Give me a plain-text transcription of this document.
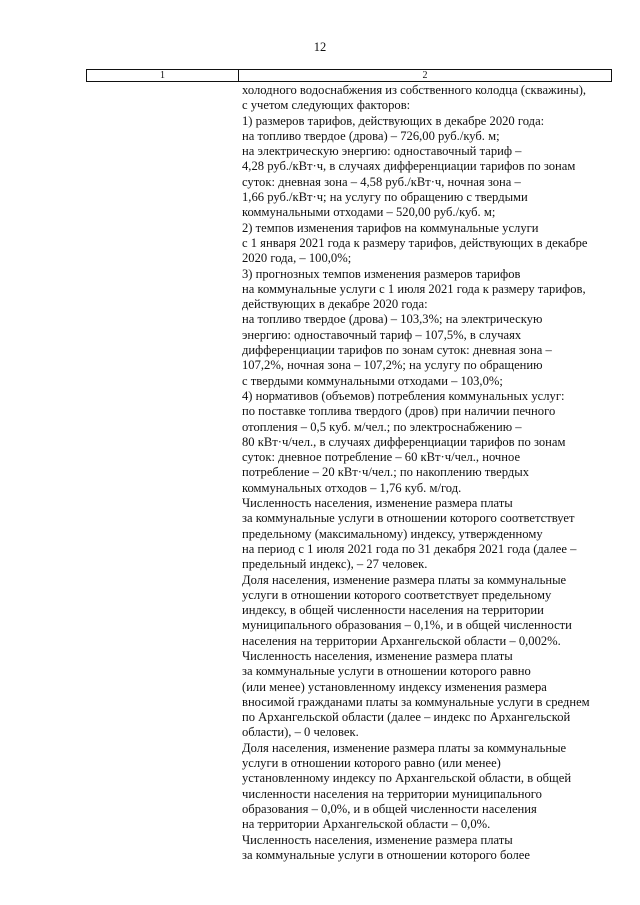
12
1	2
холодного водоснабжения из собственного колодца (скважины),
с учетом следующих факторов:
1) размеров тарифов, действующих в декабре 2020 года:
на топливо твердое (дрова) – 726,00 руб./куб. м;
на электрическую энергию: одноставочный тариф –
4,28 руб./кВт·ч, в случаях дифференциации тарифов по зонам
суток: дневная зона – 4,58 руб./кВт·ч, ночная зона –
1,66 руб./кВт·ч; на услугу по обращению с твердыми
коммунальными отходами – 520,00 руб./куб. м;
2) темпов изменения тарифов на коммунальные услуги
с 1 января 2021 года к размеру тарифов, действующих в декабре
2020 года, – 100,0%;
3) прогнозных темпов изменения размеров тарифов
на коммунальные услуги с 1 июля 2021 года к размеру тарифов,
действующих в декабре 2020 года:
на топливо твердое (дрова) – 103,3%; на электрическую
энергию: одноставочный тариф – 107,5%, в случаях
дифференциации тарифов по зонам суток: дневная зона –
107,2%, ночная зона – 107,2%; на услугу по обращению
с твердыми коммунальными отходами – 103,0%;
4) нормативов (объемов) потребления коммунальных услуг:
по поставке топлива твердого (дров) при наличии печного
отопления – 0,5 куб. м/чел.; по электроснабжению –
80 кВт·ч/чел., в случаях дифференциации тарифов по зонам
суток: дневное потребление – 60 кВт·ч/чел., ночное
потребление – 20 кВт·ч/чел.; по накоплению твердых
коммунальных отходов – 1,76 куб. м/год.
Численность населения, изменение размера платы
за коммунальные услуги в отношении которого соответствует
предельному (максимальному) индексу, утвержденному
на период с 1 июля 2021 года по 31 декабря 2021 года (далее –
предельный индекс), – 27 человек.
Доля населения, изменение размера платы за коммунальные
услуги в отношении которого соответствует предельному
индексу, в общей численности населения на территории
муниципального образования – 0,1%, и в общей численности
населения на территории Архангельской области – 0,002%.
Численность населения, изменение размера платы
за коммунальные услуги в отношении которого равно
(или менее) установленному индексу изменения размера
вносимой гражданами платы за коммунальные услуги в среднем
по Архангельской области (далее – индекс по Архангельской
области), – 0 человек.
Доля населения, изменение размера платы за коммунальные
услуги в отношении которого равно (или менее)
установленному индексу по Архангельской области, в общей
численности населения на территории муниципального
образования – 0,0%, и в общей численности населения
на территории Архангельской области – 0,0%.
Численность населения, изменение размера платы
за коммунальные услуги в отношении которого более
